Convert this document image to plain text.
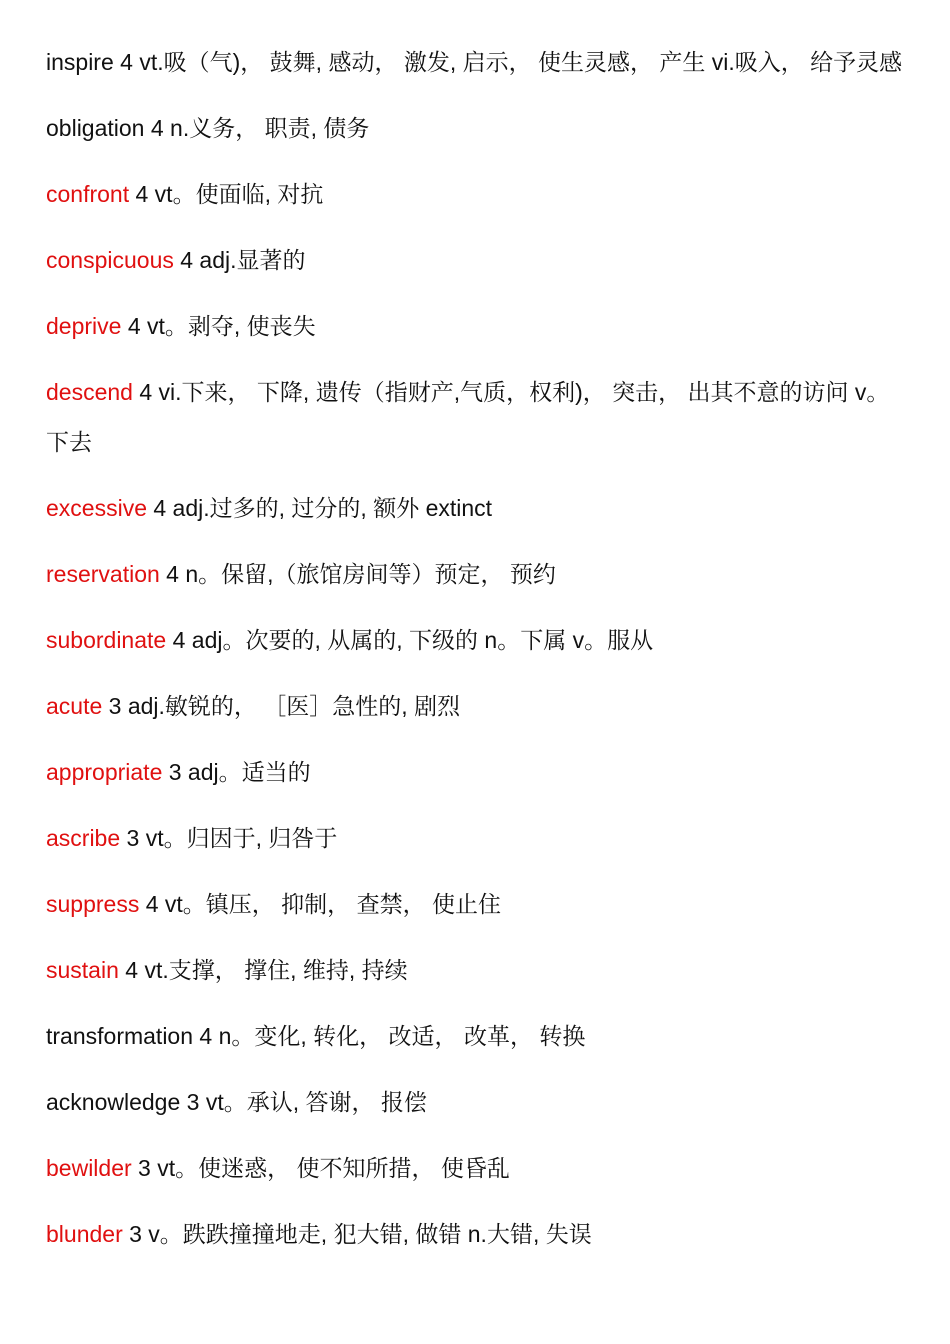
inspire 4 vt.吸（气)， 鼓舞, 感动， 激发, 启示， 使生灵感， 产生 vi.吸入， 给予灵感
obligation 4 n.义务， 职责, 债务
confront 4 vt。使面临, 对抗
conspicuous 4 adj.显著的
deprive 4 vt。剥夺, 使丧失
descend 4 vi.下来， 下降, 遗传（指财产,气质，权利)， 突击， 出其不意的访问 v。下去
excessive 4 adj.过多的, 过分的, 额外 extinct
reservation 4 n。保留,（旅馆房间等）预定， 预约
subordinate 4 adj。次要的, 从属的, 下级的 n。下属 v。服从
acute 3 adj.敏锐的， ［医］急性的, 剧烈
appropriate 3 adj。适当的
ascribe 3 vt。归因于, 归咎于
suppress 4 vt。镇压， 抑制， 查禁， 使止住
sustain 4 vt.支撑， 撑住, 维持, 持续
transformation 4 n。变化, 转化， 改适， 改革， 转换
acknowledge 3 vt。承认, 答谢， 报偿
bewilder 3 vt。使迷惑， 使不知所措， 使昏乱
blunder 3 v。跌跌撞撞地走, 犯大错, 做错 n.大错, 失误
